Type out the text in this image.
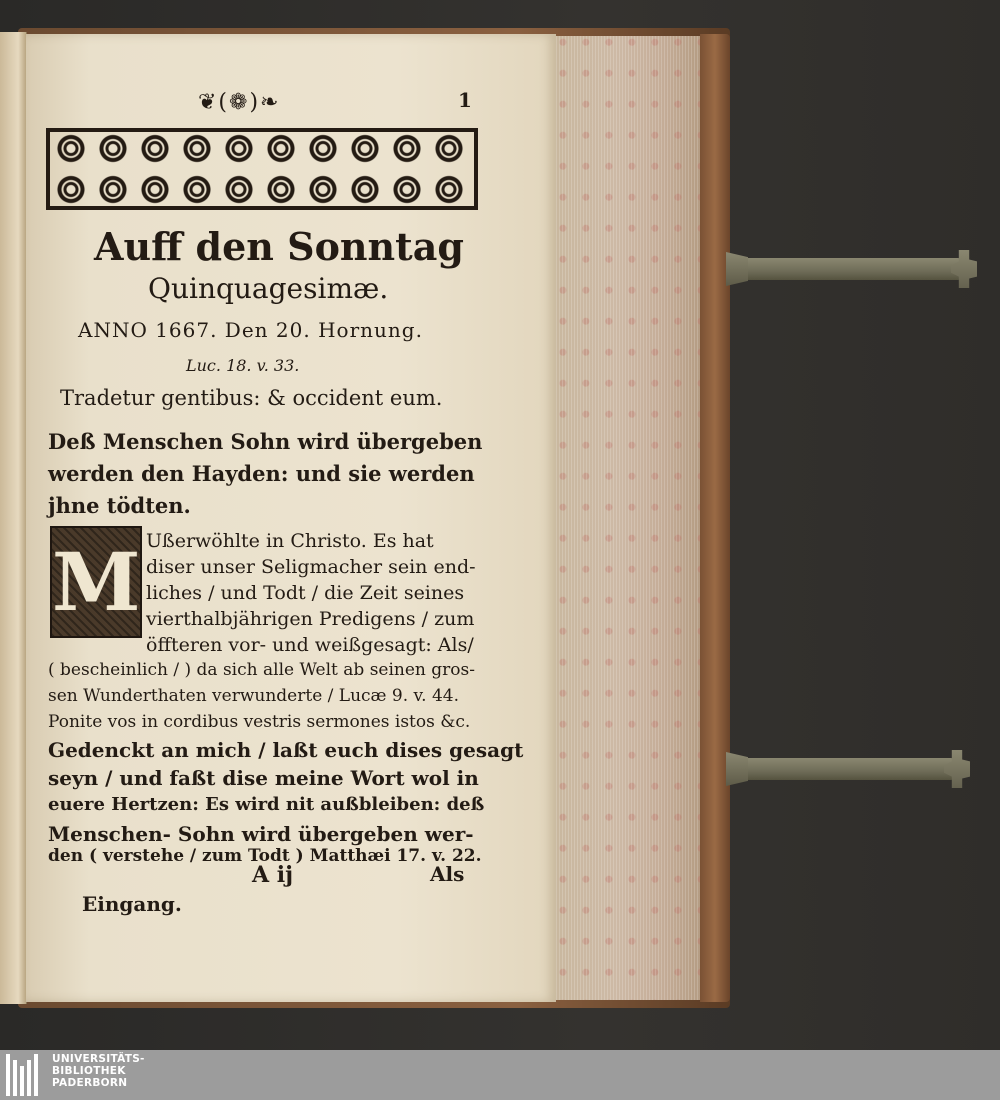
❦(❁)❧	1
Auff den Sonntag
Quinquagesimæ.
ANNO 1667. Den 20. Hornung.
Luc. 18. v. 33.
Tradetur gentibus: & occident eum.
Deß Menschen Sohn wird übergeben
werden den Hayden: und sie werden
jhne tödten.
M Ußerwöhlte in Christo. Es hat
diser unser Seligmacher sein end-
liches / und Todt / die Zeit seines
vierthalbjährigen Predigens / zum
öffteren vor- und weißgesagt: Als/
( bescheinlich / ) da sich alle Welt ab seinen gros-
sen Wunderthaten verwunderte / Lucæ 9. v. 44.
Ponite vos in cordibus vestris sermones istos &c.
Gedenckt an mich / laßt euch dises gesagt
seyn / und faßt dise meine Wort wol in
euere Hertzen: Es wird nit außbleiben: deß
Menschen- Sohn wird übergeben wer-
den ( verstehe / zum Todt ) Matthæi 17. v. 22.
A ij	Als
Eingang.
UNIVERSITÄTS-
BIBLIOTHEK
PADERBORN
